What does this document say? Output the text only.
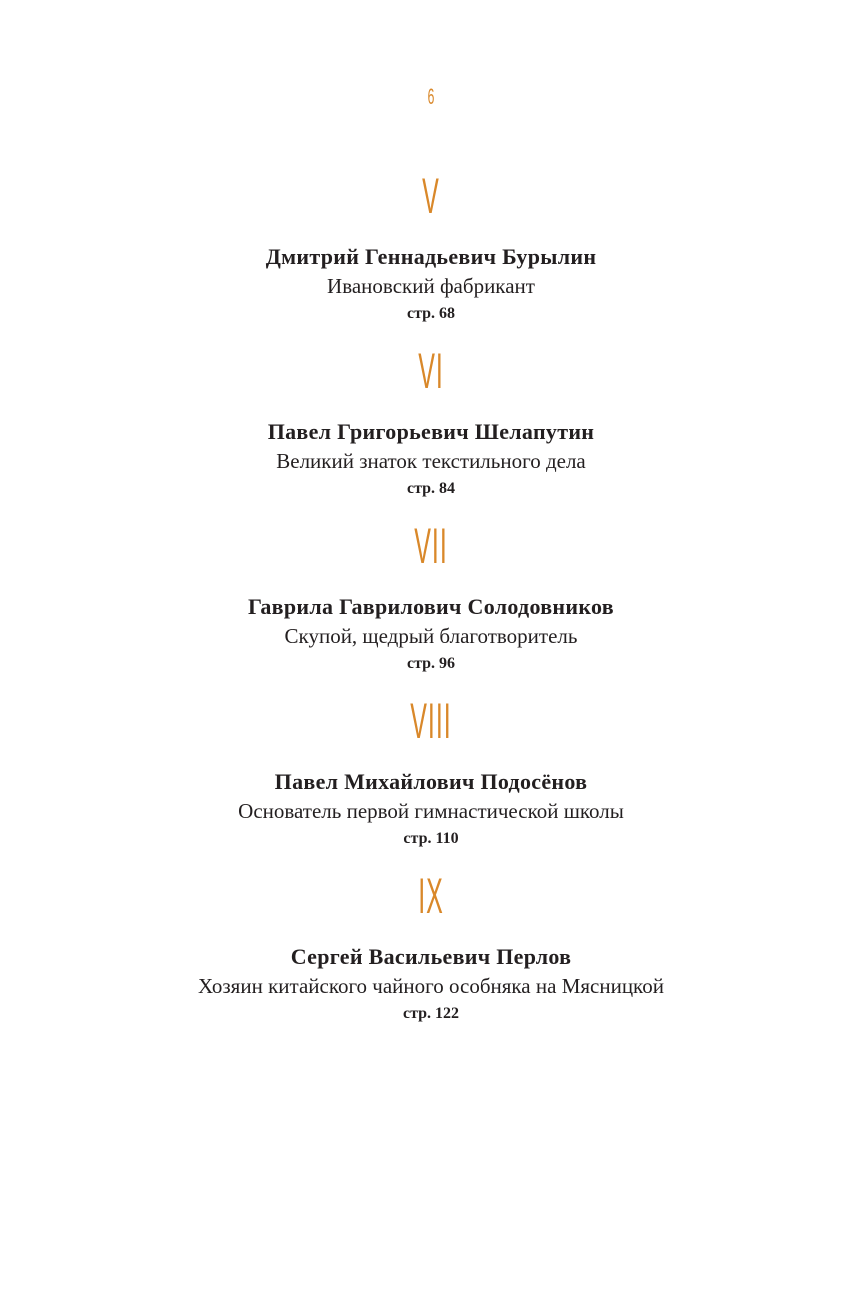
6
V
Дмитрий Геннадьевич Бурылин
Ивановский фабрикант
стр. 68
VI
Павел Григорьевич Шелапутин
Великий знаток текстильного дела
стр. 84
VII
Гаврила Гаврилович Солодовников
Скупой, щедрый благотворитель
стр. 96
VIII
Павел Михайлович Подосёнов
Основатель первой гимнастической школы
стр. 110
IX
Сергей Васильевич Перлов
Хозяин китайского чайного особняка на Мясницкой
стр. 122
